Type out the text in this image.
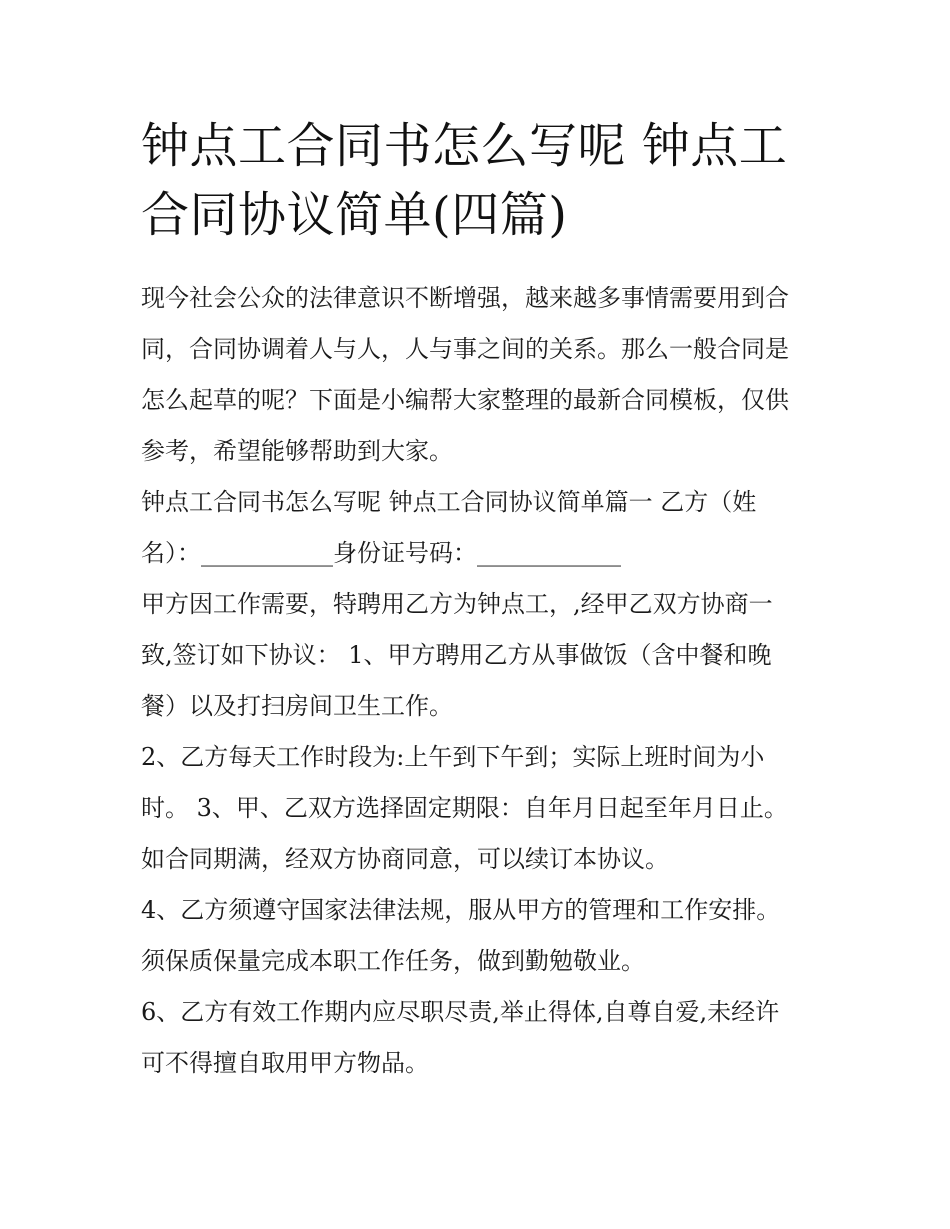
钟点工合同书怎么写呢 钟点工
合同协议简单(四篇)

现今社会公众的法律意识不断增强，越来越多事情需要用到合
同，合同协调着人与人，人与事之间的关系。那么一般合同是
怎么起草的呢？下面是小编帮大家整理的最新合同模板，仅供
参考，希望能够帮助到大家。

钟点工合同书怎么写呢 钟点工合同协议简单篇一 乙方（姓
名）：___________身份证号码：____________

甲方因工作需要，特聘用乙方为钟点工，,经甲乙双方协商一
致,签订如下协议： 1、甲方聘用乙方从事做饭（含中餐和晚
餐）以及打扫房间卫生工作。

2、乙方每天工作时段为:上午到下午到；实际上班时间为小
时。 3、甲、乙双方选择固定期限：自年月日起至年月日止。
如合同期满，经双方协商同意，可以续订本协议。

4、乙方须遵守国家法律法规，服从甲方的管理和工作安排。
须保质保量完成本职工作任务，做到勤勉敬业。

6、乙方有效工作期内应尽职尽责,举止得体,自尊自爱,未经许
可不得擅自取用甲方物品。
